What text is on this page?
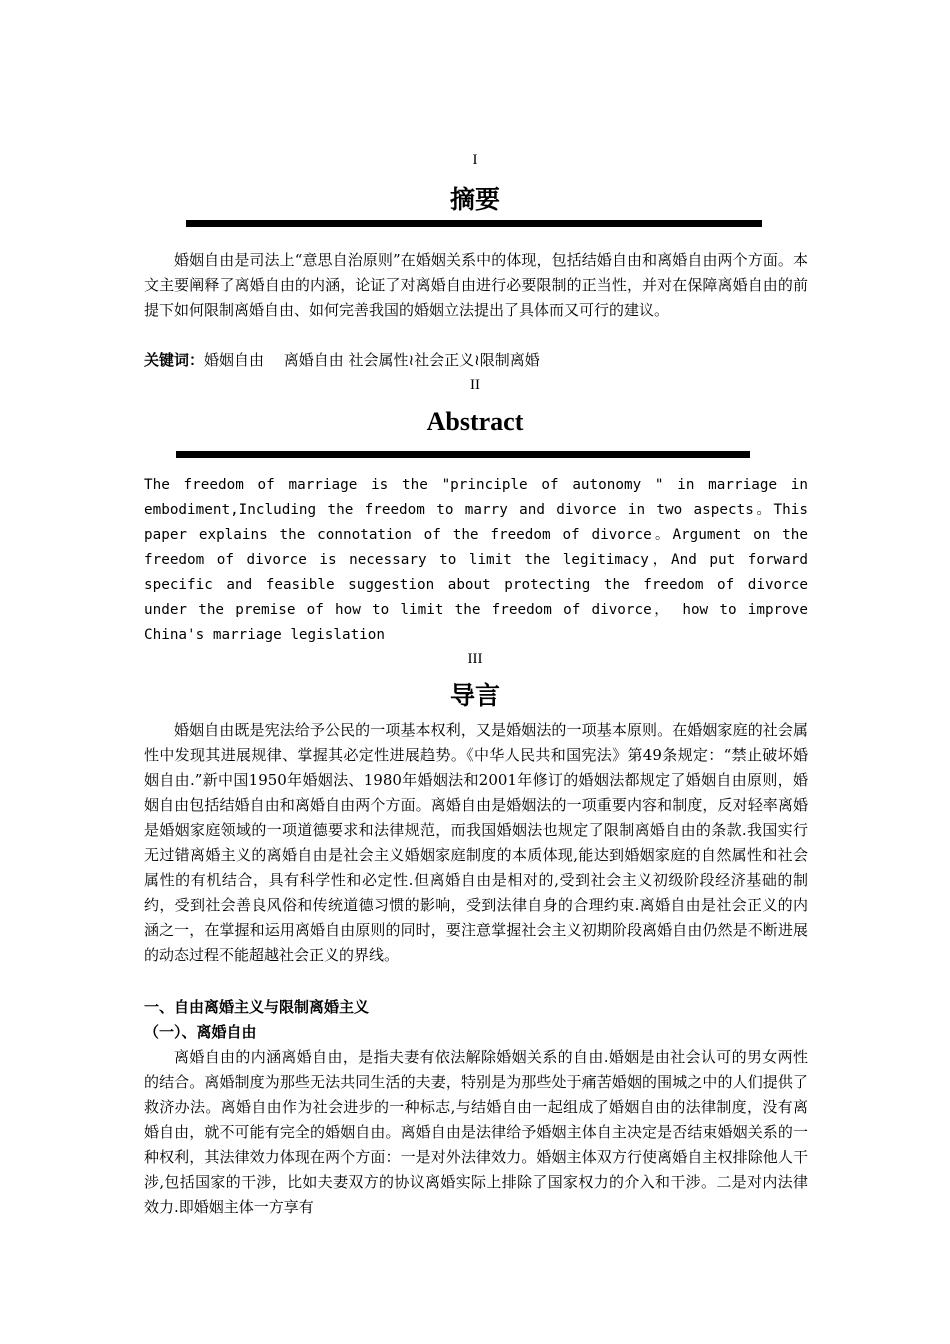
I
摘要

婚姻自由是司法上“意思自治原则”在婚姻关系中的体现，包括结婚自由和离婚自由两个方面。本文主要阐释了离婚自由的内涵，论证了对离婚自由进行必要限制的正当性，并对在保障离婚自由的前提下如何限制离婚自由、如何完善我国的婚姻立法提出了具体而又可行的建议。

关键词：婚姻自由　 离婚自由 社会属性≀社会正义≀限制离婚
II
Abstract

The freedom of marriage is the "principle of autonomy " in marriage in embodiment,Including the freedom to marry and divorce in two aspects。This paper explains the connotation of the freedom of divorce。Argument on the freedom of divorce is necessary to limit the legitimacy，And put forward specific and feasible suggestion about protecting the freedom of divorce under the premise of how to limit the freedom of divorce， how to improve China's marriage legislation

III
导言

婚姻自由既是宪法给予公民的一项基本权利，又是婚姻法的一项基本原则。在婚姻家庭的社会属性中发现其进展规律、掌握其必定性进展趋势。《中华人民共和国宪法》第49条规定：“禁止破坏婚姻自由.”新中国1950年婚姻法、1980年婚姻法和2001年修订的婚姻法都规定了婚姻自由原则，婚姻自由包括结婚自由和离婚自由两个方面。离婚自由是婚姻法的一项重要内容和制度，反对轻率离婚是婚姻家庭领域的一项道德要求和法律规范，而我国婚姻法也规定了限制离婚自由的条款.我国实行无过错离婚主义的离婚自由是社会主义婚姻家庭制度的本质体现,能达到婚姻家庭的自然属性和社会属性的有机结合，具有科学性和必定性.但离婚自由是相对的,受到社会主义初级阶段经济基础的制约，受到社会善良风俗和传统道德习惯的影响，受到法律自身的合理约束.离婚自由是社会正义的内涵之一，在掌握和运用离婚自由原则的同时，要注意掌握社会主义初期阶段离婚自由仍然是不断进展的动态过程不能超越社会正义的界线。

一、自由离婚主义与限制离婚主义
（一）、离婚自由

离婚自由的内涵离婚自由，是指夫妻有依法解除婚姻关系的自由.婚姻是由社会认可的男女两性的结合。离婚制度为那些无法共同生活的夫妻，特别是为那些处于痛苦婚姻的围城之中的人们提供了救济办法。离婚自由作为社会进步的一种标志,与结婚自由一起组成了婚姻自由的法律制度，没有离婚自由，就不可能有完全的婚姻自由。离婚自由是法律给予婚姻主体自主决定是否结束婚姻关系的一种权利，其法律效力体现在两个方面：一是对外法律效力。婚姻主体双方行使离婚自主权排除他人干涉,包括国家的干涉，比如夫妻双方的协议离婚实际上排除了国家权力的介入和干涉。二是对内法律效力.即婚姻主体一方享有
